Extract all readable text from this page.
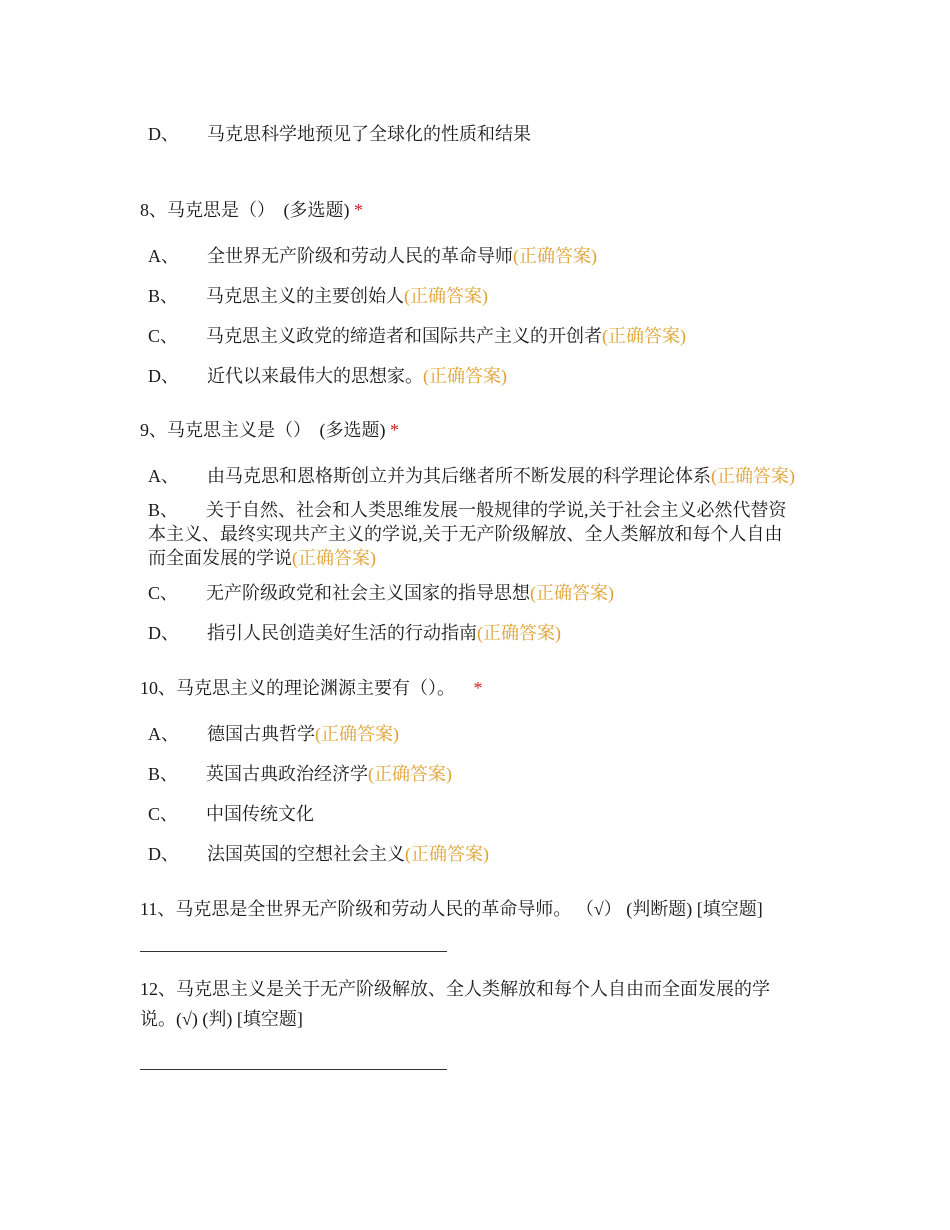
D、 马克思科学地预见了全球化的性质和结果
8、马克思是（） (多选题) *
A、 全世界无产阶级和劳动人民的革命导师(正确答案)
B、 马克思主义的主要创始人(正确答案)
C、 马克思主义政党的缔造者和国际共产主义的开创者(正确答案)
D、 近代以来最伟大的思想家。(正确答案)
9、马克思主义是（） (多选题) *
A、 由马克思和恩格斯创立并为其后继者所不断发展的科学理论体系(正确答案)
B、 关于自然、社会和人类思维发展一般规律的学说,关于社会主义必然代替资本主义、最终实现共产主义的学说,关于无产阶级解放、全人类解放和每个人自由而全面发展的学说(正确答案)
C、 无产阶级政党和社会主义国家的指导思想(正确答案)
D、 指引人民创造美好生活的行动指南(正确答案)
10、马克思主义的理论渊源主要有（）。 *
A、 德国古典哲学(正确答案)
B、 英国古典政治经济学(正确答案)
C、 中国传统文化
D、 法国英国的空想社会主义(正确答案)
11、马克思是全世界无产阶级和劳动人民的革命导师。 （√） (判断题) [填空题]
12、马克思主义是关于无产阶级解放、全人类解放和每个人自由而全面发展的学说。(√) (判) [填空题]
